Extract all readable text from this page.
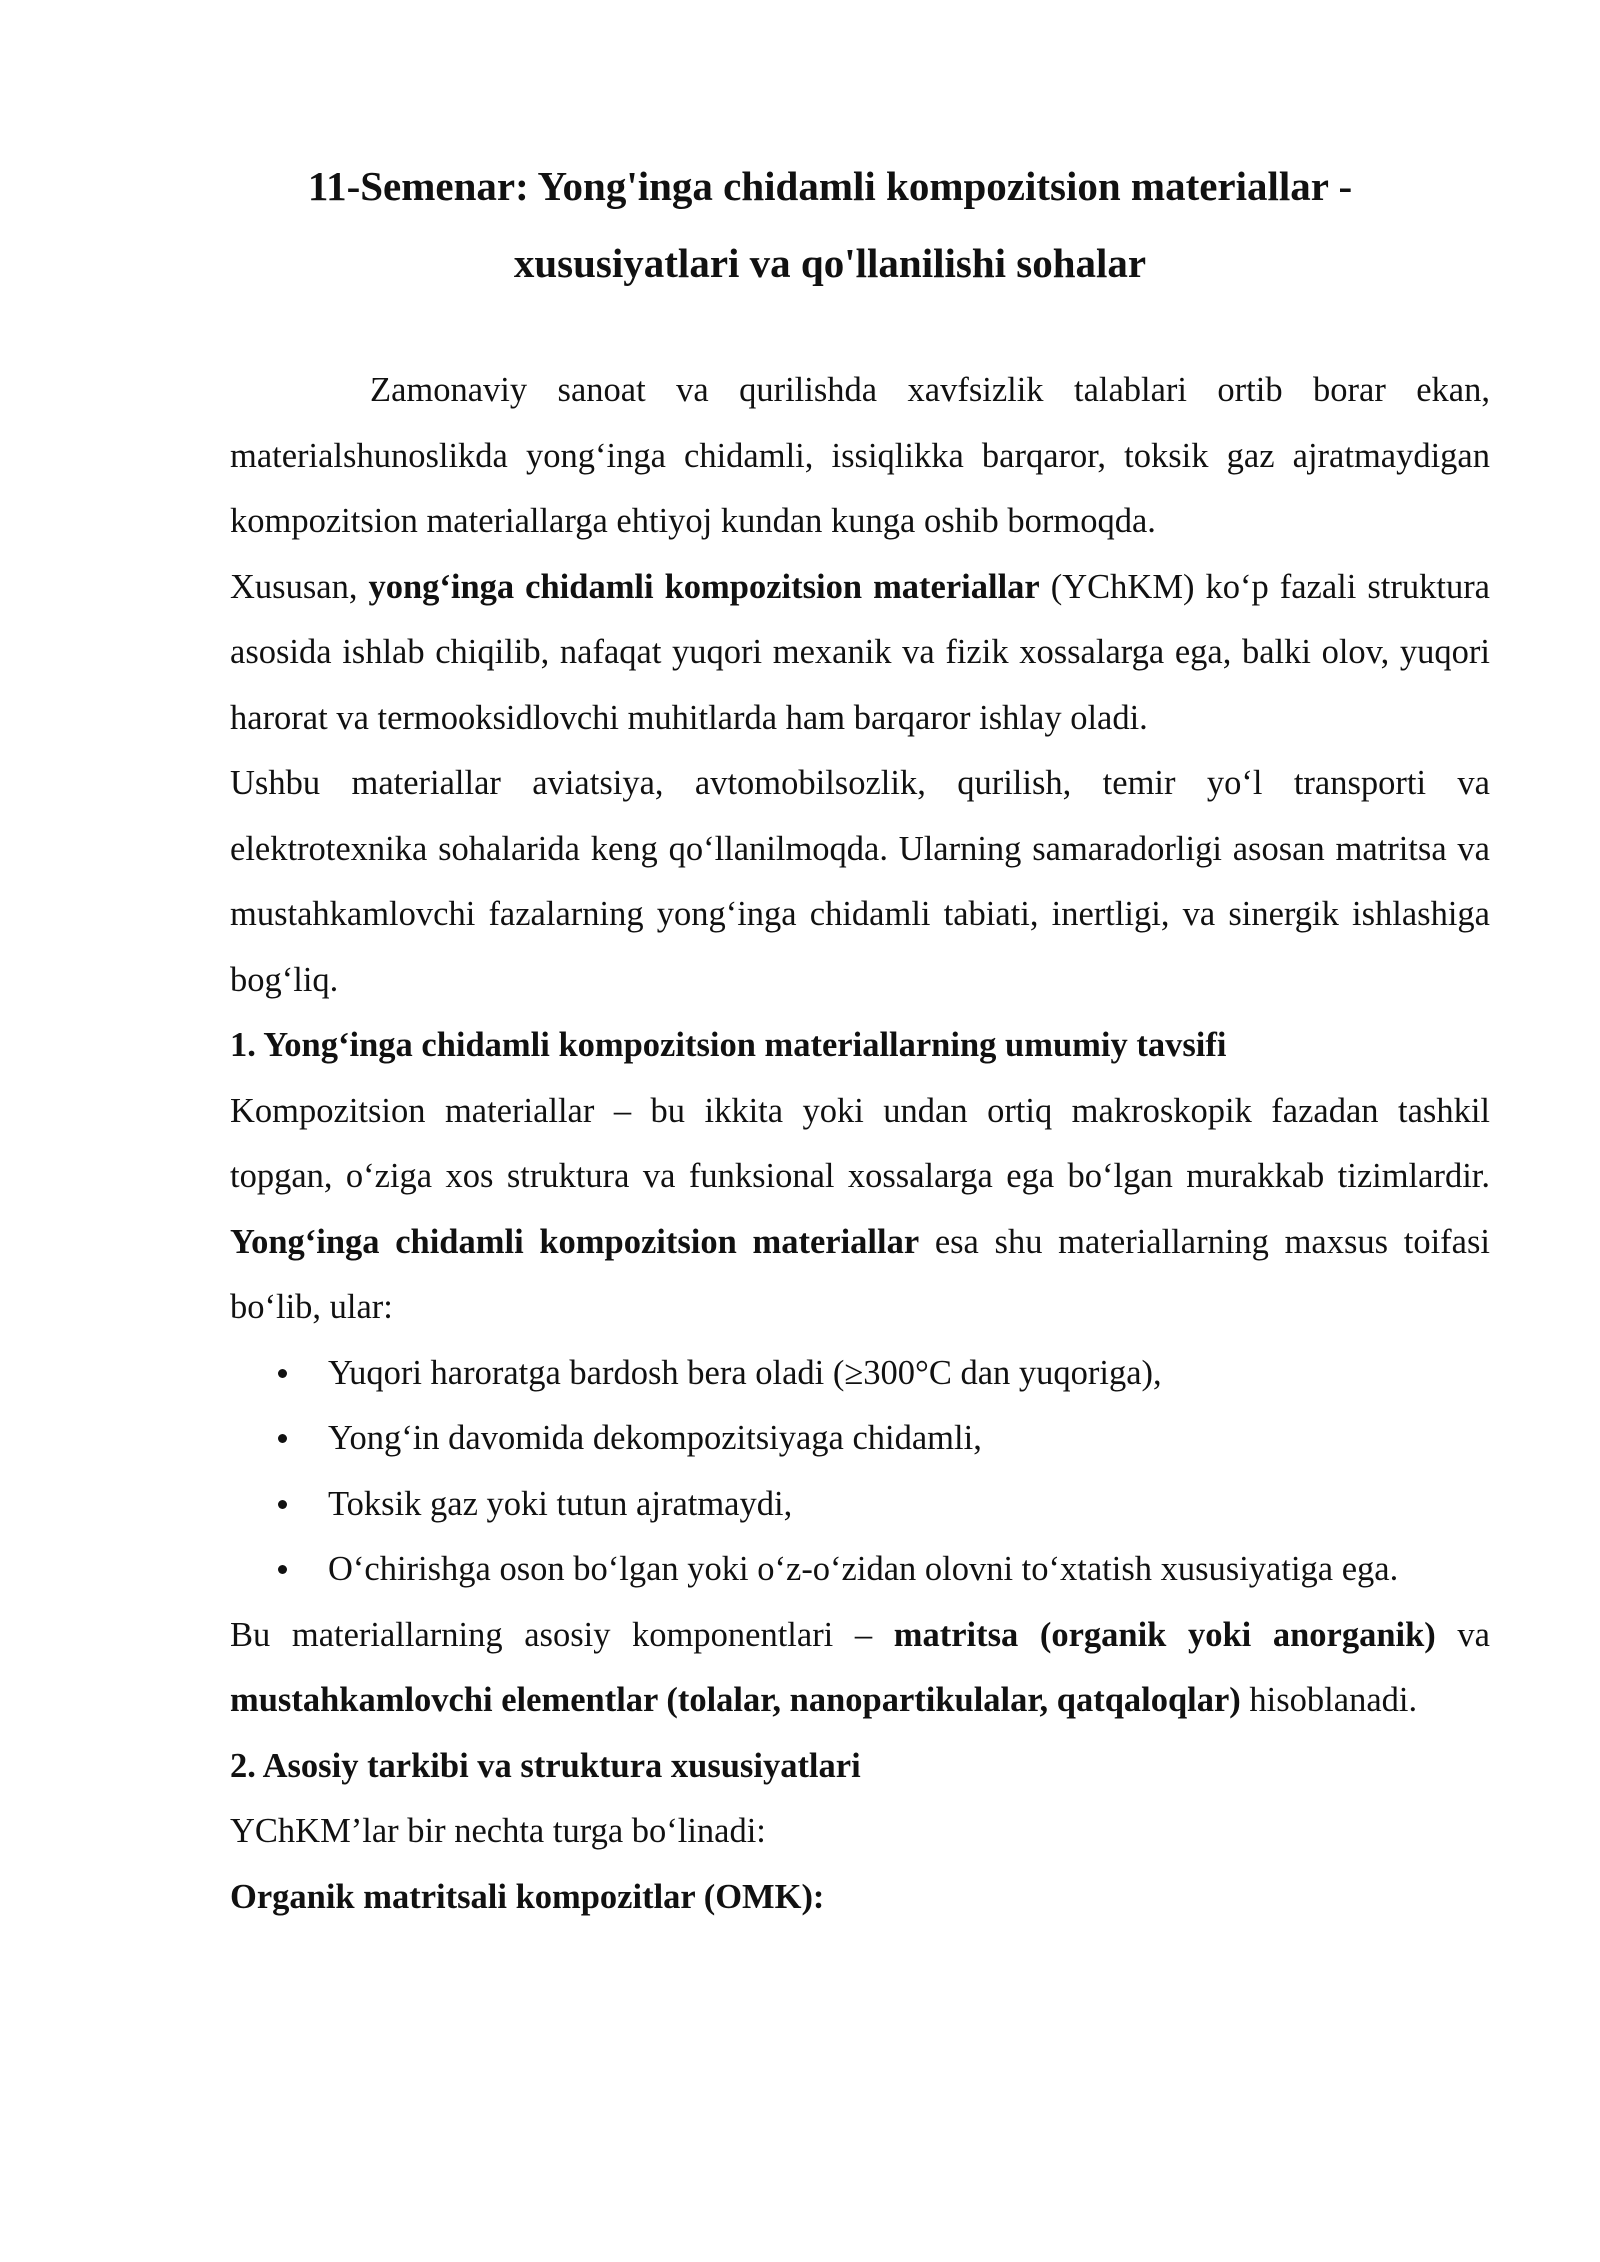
11-Semenar: Yong'inga chidamli kompozitsion materiallar -
xususiyatlari va qo'llanilishi sohalar

Zamonaviy sanoat va qurilishda xavfsizlik talablari ortib borar ekan, materialshunoslikda yong‘inga chidamli, issiqlikka barqaror, toksik gaz ajratmaydigan kompozitsion materiallarga ehtiyoj kundan kunga oshib bormoqda.

Xususan, yong‘inga chidamli kompozitsion materiallar (YChKM) ko‘p fazali struktura asosida ishlab chiqilib, nafaqat yuqori mexanik va fizik xossalarga ega, balki olov, yuqori harorat va termooksidlovchi muhitlarda ham barqaror ishlay oladi.

Ushbu materiallar aviatsiya, avtomobilsozlik, qurilish, temir yo‘l transporti va elektrotexnika sohalarida keng qo‘llanilmoqda. Ularning samaradorligi asosan matritsa va mustahkamlovchi fazalarning yong‘inga chidamli tabiati, inertligi, va sinergik ishlashiga bog‘liq.

1. Yong‘inga chidamli kompozitsion materiallarning umumiy tavsifi

Kompozitsion materiallar – bu ikkita yoki undan ortiq makroskopik fazadan tashkil topgan, o‘ziga xos struktura va funksional xossalarga ega bo‘lgan murakkab tizimlardir. Yong‘inga chidamli kompozitsion materiallar esa shu materiallarning maxsus toifasi bo‘lib, ular:

Yuqori haroratga bardosh bera oladi (≥300°C dan yuqoriga),
Yong‘in davomida dekompozitsiyaga chidamli,
Toksik gaz yoki tutun ajratmaydi,
O‘chirishga oson bo‘lgan yoki o‘z-o‘zidan olovni to‘xtatish xususiyatiga ega.

Bu materiallarning asosiy komponentlari – matritsa (organik yoki anorganik) va mustahkamlovchi elementlar (tolalar, nanopartikulalar, qatqaloqlar) hisoblanadi.

2. Asosiy tarkibi va struktura xususiyatlari

YChKM’lar bir nechta turga bo‘linadi:

Organik matritsali kompozitlar (OMK):
